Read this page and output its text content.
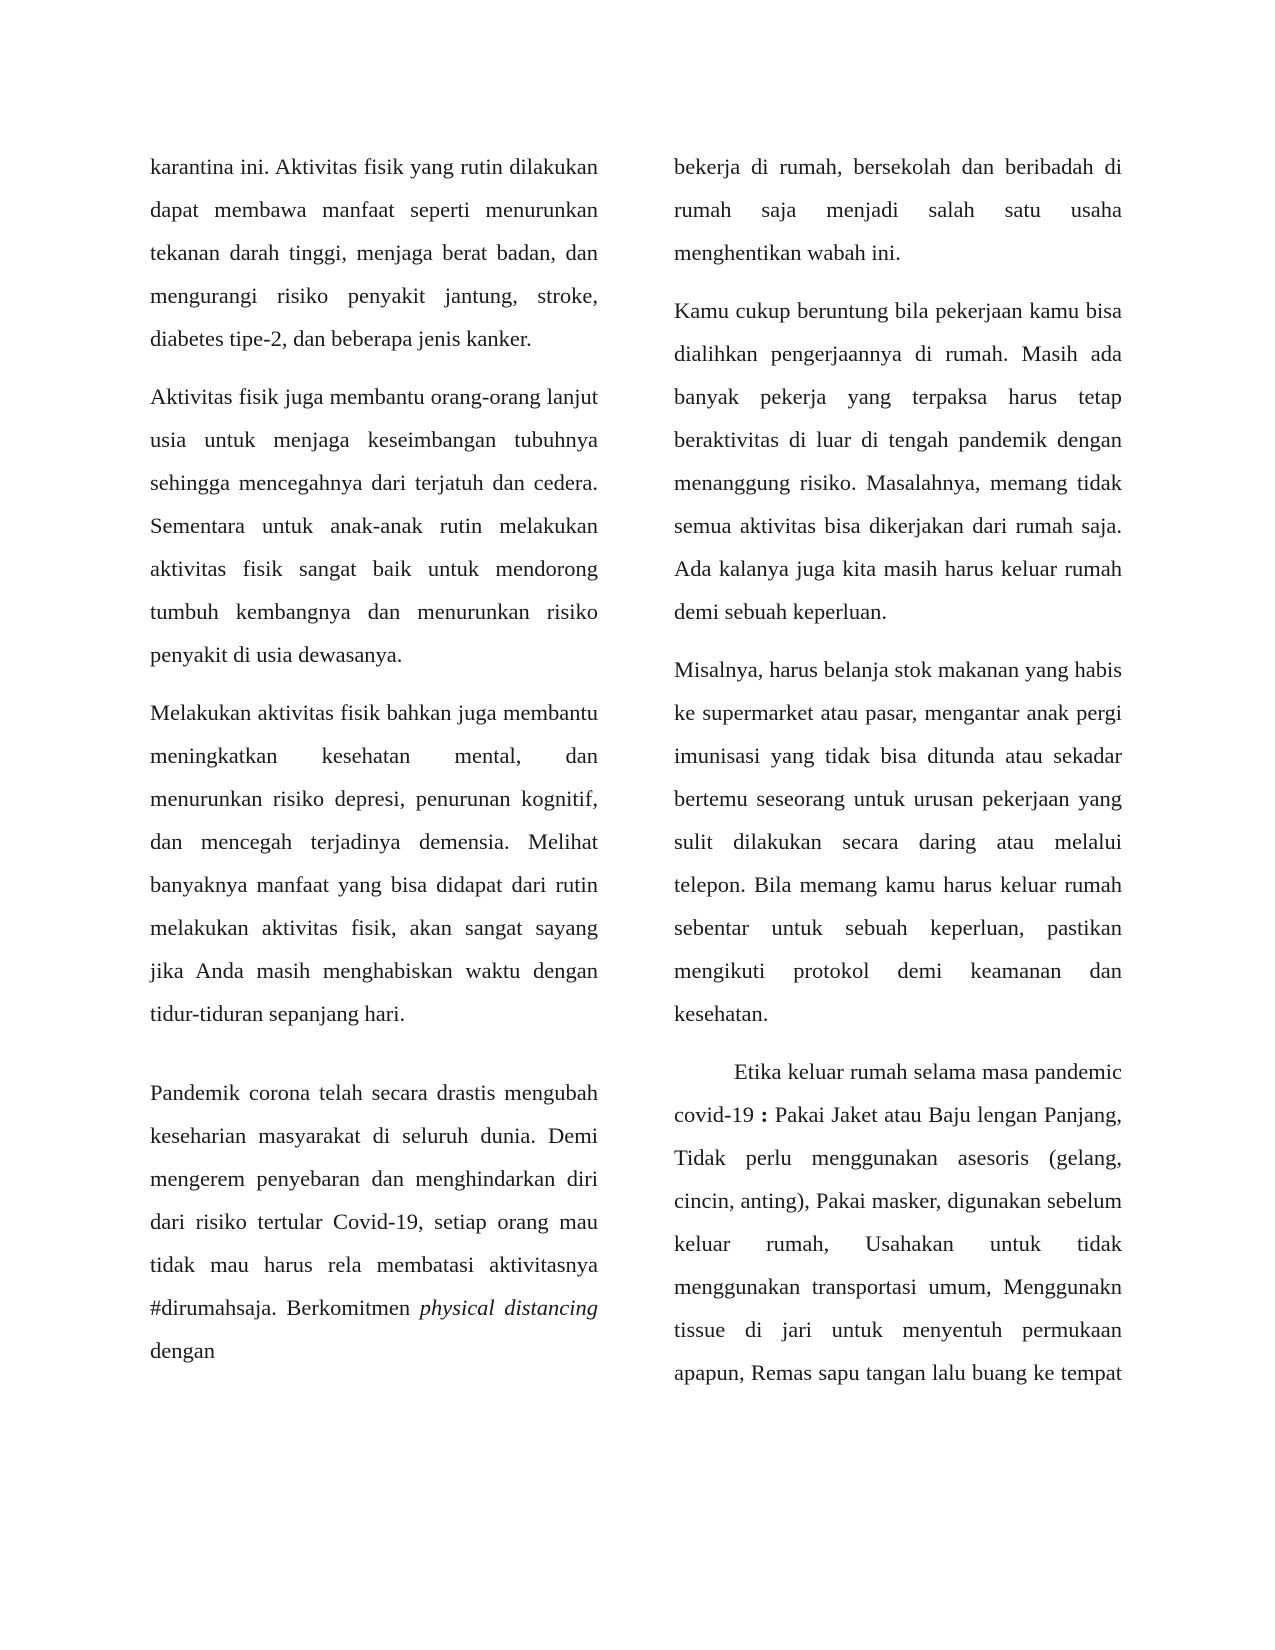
karantina ini. Aktivitas fisik yang rutin dilakukan dapat membawa manfaat seperti menurunkan tekanan darah tinggi, menjaga berat badan, dan mengurangi risiko penyakit jantung, stroke, diabetes tipe-2, dan beberapa jenis kanker.

Aktivitas fisik juga membantu orang-orang lanjut usia untuk menjaga keseimbangan tubuhnya sehingga mencegahnya dari terjatuh dan cedera. Sementara untuk anak-anak rutin melakukan aktivitas fisik sangat baik untuk mendorong tumbuh kembangnya dan menurunkan risiko penyakit di usia dewasanya.

Melakukan aktivitas fisik bahkan juga membantu meningkatkan kesehatan mental, dan menurunkan risiko depresi, penurunan kognitif, dan mencegah terjadinya demensia. Melihat banyaknya manfaat yang bisa didapat dari rutin melakukan aktivitas fisik, akan sangat sayang jika Anda masih menghabiskan waktu dengan tidur-tiduran sepanjang hari.

Pandemik corona telah secara drastis mengubah keseharian masyarakat di seluruh dunia. Demi mengerem penyebaran dan menghindarkan diri dari risiko tertular Covid-19, setiap orang mau tidak mau harus rela membatasi aktivitasnya #dirumahsaja. Berkomitmen physical distancing dengan

bekerja di rumah, bersekolah dan beribadah di rumah saja menjadi salah satu usaha menghentikan wabah ini.

Kamu cukup beruntung bila pekerjaan kamu bisa dialihkan pengerjaannya di rumah. Masih ada banyak pekerja yang terpaksa harus tetap beraktivitas di luar di tengah pandemik dengan menanggung risiko. Masalahnya, memang tidak semua aktivitas bisa dikerjakan dari rumah saja. Ada kalanya juga kita masih harus keluar rumah demi sebuah keperluan.

Misalnya, harus belanja stok makanan yang habis ke supermarket atau pasar, mengantar anak pergi imunisasi yang tidak bisa ditunda atau sekadar bertemu seseorang untuk urusan pekerjaan yang sulit dilakukan secara daring atau melalui telepon. Bila memang kamu harus keluar rumah sebentar untuk sebuah keperluan, pastikan mengikuti protokol demi keamanan dan kesehatan.

Etika keluar rumah selama masa pandemic covid-19 : Pakai Jaket atau Baju lengan Panjang, Tidak perlu menggunakan asesoris (gelang, cincin, anting), Pakai masker, digunakan sebelum keluar rumah, Usahakan untuk tidak menggunakan transportasi umum, Menggunakn tissue di jari untuk menyentuh permukaan apapun, Remas sapu tangan lalu buang ke tempat
